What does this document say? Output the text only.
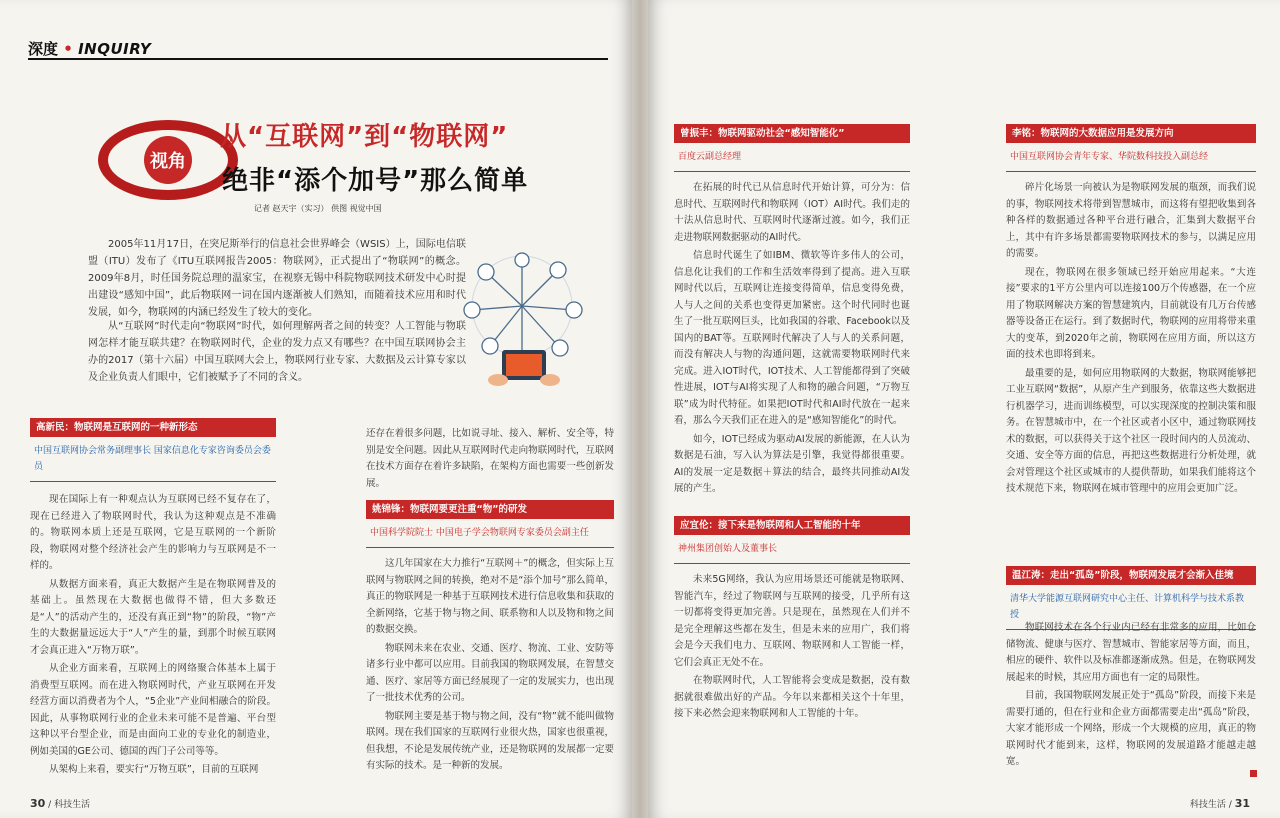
深度 • INQUIRY
视角
从“互联网”到“物联网”
绝非“添个加号”那么简单
记者 赵天宇（实习） 供图 视觉中国

2005年11月17日，在突尼斯举行的信息社会世界峰会（WSIS）上，国际电信联盟（ITU）发布了《ITU互联网报告2005：物联网》，正式提出了“物联网”的概念。2009年8月，时任国务院总理的温家宝，在视察无锡中科院物联网技术研发中心时提出建设“感知中国”，此后物联网一词在国内逐渐被人们熟知，而随着技术应用和时代发展，如今，物联网的内涵已经发生了较大的变化。

从“互联网”时代走向“物联网”时代，如何理解两者之间的转变？人工智能与物联网怎样才能互联共建？在物联网时代，企业的发力点又有哪些？在中国互联网协会主办的2017（第十六届）中国互联网大会上，物联网行业专家、大数据及云计算专家以及企业负责人们眼中，它们被赋予了不同的含义。

高新民：物联网是互联网的一种新形态
中国互联网协会常务副理事长 国家信息化专家咨询委员会委员

现在国际上有一种观点认为互联网已经不复存在了，现在已经进入了物联网时代，我认为这种观点是不准确的。物联网本质上还是互联网，它是互联网的一个新阶段，物联网对整个经济社会产生的影响力与互联网是不一样的。

从数据方面来看，真正大数据产生是在物联网普及的基础上。虽然现在大数据也做得不错，但大多数还是“人”的活动产生的，还没有真正到“物”的阶段，“物”产生的大数据量远远大于“人”产生的量，到那个时候互联网才会真正进入“万物万联”。

从企业方面来看，互联网上的网络聚合体基本上属于消费型互联网。而在进入物联网时代，产业互联网在开发经营方面以消费者为个人，“5企业”产业间相融合的阶段。因此，从事物联网行业的企业未来可能不是普遍、平台型这种以平台型企业，而是由面向工业的专业化的制造业，例如美国的GE公司、德国的西门子公司等等。

从架构上来看，要实行“万物互联”，目前的互联网

还存在着很多问题，比如说寻址、接入、解析、安全等，特别是安全问题。因此从互联网时代走向物联网时代，互联网在技术方面存在着许多缺陷，在架构方面也需要一些创新发展。

姚锦锋：物联网要更注重“物”的研发
中国科学院院士 中国电子学会物联网专家委员会副主任

这几年国家在大力推行“互联网＋”的概念，但实际上互联网与物联网之间的转换，绝对不是“添个加号”那么简单，真正的物联网是一种基于互联网技术进行信息收集和获取的全新网络，它基于物与物之间、联系物和人以及物和物之间的数据交换。

物联网未来在农业、交通、医疗、物流、工业、安防等诸多行业中都可以应用。目前我国的物联网发展，在智慧交通、医疗、家居等方面已经展现了一定的发展实力，也出现了一批技术优秀的公司。

物联网主要是基于物与物之间，没有“物”就不能叫做物联网。现在我们国家的互联网行业很火热，国家也很重视，但我想，不论是发展传统产业，还是物联网的发展都一定要有实际的技术。是一种新的发展。

30 / 科技生活
曾振丰：物联网驱动社会“感知智能化”
百度云副总经理

在拓展的时代已从信息时代开始计算，可分为：信息时代、互联网时代和物联网（IOT）AI时代。我们走的十法从信息时代、互联网时代逐渐过渡。如今，我们正走进物联网数据驱动的AI时代。

信息时代诞生了如IBM、微软等许多伟人的公司，信息化让我们的工作和生活效率得到了提高。进入互联网时代以后，互联网让连接变得简单，信息变得免费，人与人之间的关系也变得更加紧密。这个时代同时也诞生了一批互联网巨头，比如我国的谷歌、Facebook以及国内的BAT等。互联网时代解决了人与人的关系问题，而没有解决人与物的沟通问题，这就需要物联网时代来完成。进入IOT时代，IOT技术、人工智能都得到了突破性进展，IOT与AI将实现了人和物的融合问题，“万物互联”成为时代特征。如果把IOT时代和AI时代放在一起来看，那么今天我们正在进入的是“感知智能化”的时代。

如今，IOT已经成为驱动AI发展的新能源，在人认为数据是石油，写入认为算法是引擎，我觉得都很重要。AI的发展一定是数据＋算法的结合，最终共同推动AI发展的产生。

应宜伦：接下来是物联网和人工智能的十年
神州集团创始人及董事长

未来5G网络，我认为应用场景还可能就是物联网、智能汽车，经过了物联网与互联网的接受，几乎所有这一切都将变得更加完善。只是现在，虽然现在人们并不是完全理解这些都在发生，但是未来的应用广，我们将会是今天我们电力、互联网、物联网和人工智能一样，它们会真正无处不在。

在物联网时代，人工智能将会变成是数据，没有数据就很难做出好的产品。今年以来都相关这个十年里，接下来必然会迎来物联网和人工智能的十年。

李铭：物联网的大数据应用是发展方向
中国互联网协会青年专家、华院数科技投入副总经

碎片化场景一向被认为是物联网发展的瓶颈，而我们说的事，物联网技术将带到智慧城市，而这将有望把收集到各种各样的数据通过各种平台进行融合，汇集到大数据平台上，其中有许多场景都需要物联网技术的参与，以满足应用的需要。

现在，物联网在很多领域已经开始应用起来。“大连接”要求的1平方公里内可以连接100万个传感器，在一个应用了物联网解决方案的智慧建筑内，目前就设有几万台传感器等设备正在运行。到了数据时代，物联网的应用将带来重大的变革，到2020年之前，物联网在应用方面，所以这方面的技术也即将到来。

最重要的是，如何应用物联网的大数据，物联网能够把工业互联网“数据”，从原产生产到服务，依靠这些大数据进行机器学习，进而训练模型，可以实现深度的控制决策和服务。在智慧城市中，在一个社区或者小区中，通过物联网技术的数据，可以获得关于这个社区一段时间内的人员流动、交通、安全等方面的信息，再把这些数据进行分析处理，就会对管理这个社区或城市的人提供帮助，如果我们能将这个技术规范下来，物联网在城市管理中的应用会更加广泛。

温江涛：走出“孤岛”阶段，物联网发展才会渐入佳境
清华大学能源互联网研究中心主任、计算机科学与技术系教授

物联网技术在各个行业内已经有非常多的应用，比如仓储物流、健康与医疗、智慧城市、智能家居等方面，而且，相应的硬件、软件以及标准都逐渐成熟。但是，在物联网发展起来的时候，其应用方面也有一定的局限性。

目前，我国物联网发展正处于“孤岛”阶段，而接下来是需要打通的，但在行业和企业方面都需要走出“孤岛”阶段，大家才能形成一个网络，形成一个大规模的应用，真正的物联网时代才能到来，这样，物联网的发展道路才能越走越宽。

科技生活 / 31
